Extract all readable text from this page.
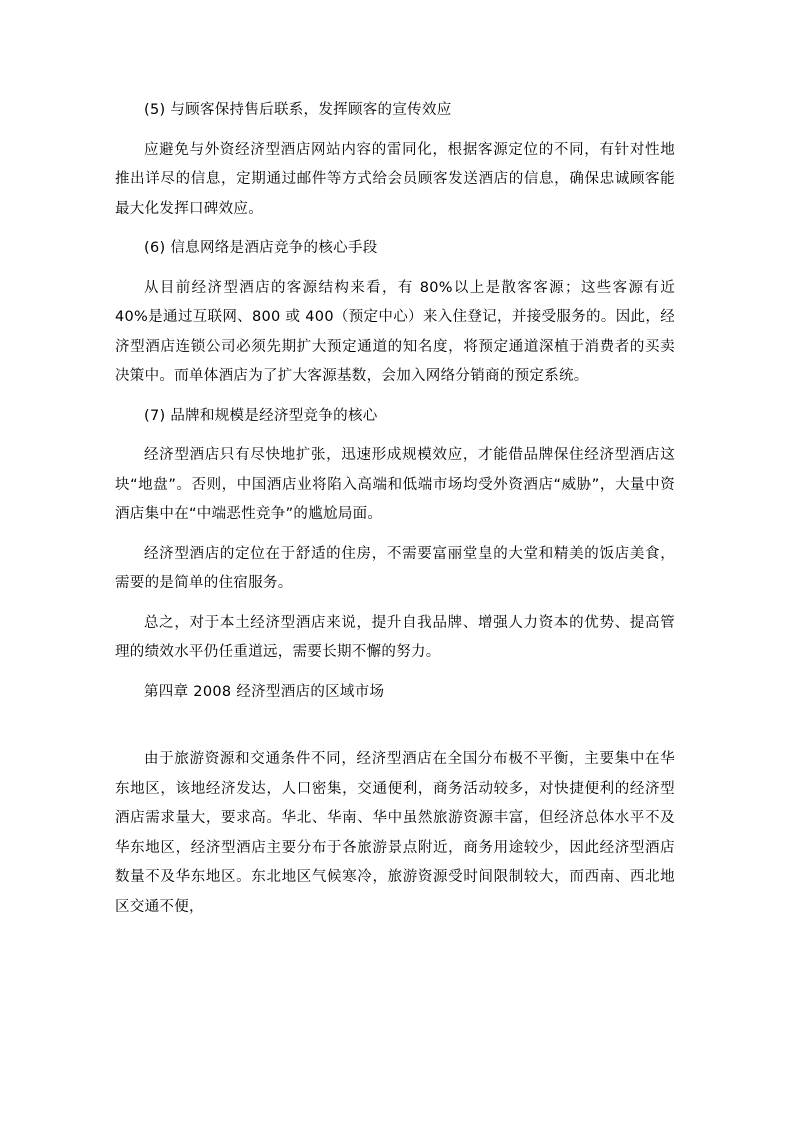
(5) 与顾客保持售后联系，发挥顾客的宣传效应

应避免与外资经济型酒店网站内容的雷同化，根据客源定位的不同，有针对性地推出详尽的信息，定期通过邮件等方式给会员顾客发送酒店的信息，确保忠诚顾客能最大化发挥口碑效应。

(6) 信息网络是酒店竞争的核心手段

从目前经济型酒店的客源结构来看，有 80%以上是散客客源；这些客源有近 40%是通过互联网、800 或 400（预定中心）来入住登记，并接受服务的。因此，经济型酒店连锁公司必须先期扩大预定通道的知名度，将预定通道深植于消费者的买卖决策中。而单体酒店为了扩大客源基数，会加入网络分销商的预定系统。

(7) 品牌和规模是经济型竞争的核心

经济型酒店只有尽快地扩张，迅速形成规模效应，才能借品牌保住经济型酒店这块“地盘”。否则，中国酒店业将陷入高端和低端市场均受外资酒店“威胁”，大量中资酒店集中在“中端恶性竞争”的尴尬局面。

经济型酒店的定位在于舒适的住房，不需要富丽堂皇的大堂和精美的饭店美食，需要的是简单的住宿服务。

总之，对于本土经济型酒店来说，提升自我品牌、增强人力资本的优势、提高管理的绩效水平仍任重道远，需要长期不懈的努力。

第四章 2008 经济型酒店的区域市场

由于旅游资源和交通条件不同，经济型酒店在全国分布极不平衡，主要集中在华东地区，该地经济发达，人口密集，交通便利，商务活动较多，对快捷便利的经济型酒店需求量大，要求高。华北、华南、华中虽然旅游资源丰富，但经济总体水平不及华东地区，经济型酒店主要分布于各旅游景点附近，商务用途较少，因此经济型酒店数量不及华东地区。东北地区气候寒冷，旅游资源受时间限制较大，而西南、西北地区交通不便，
